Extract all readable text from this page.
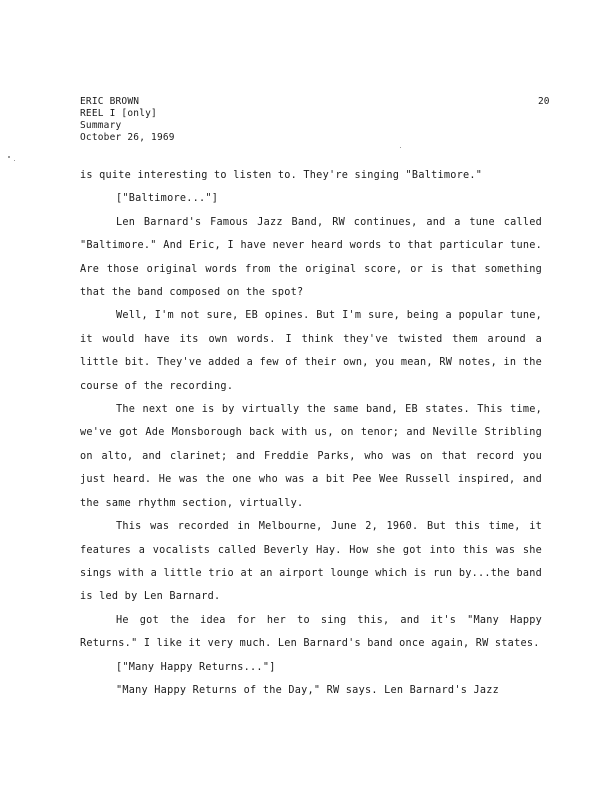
ERIC BROWN
REEL I [only]
Summary
October 26, 1969
20

is quite interesting to listen to. They're singing "Baltimore."

["Baltimore..."]

Len Barnard's Famous Jazz Band, RW continues, and a tune called "Baltimore." And Eric, I have never heard words to that particular tune. Are those original words from the original score, or is that something that the band composed on the spot?

Well, I'm not sure, EB opines. But I'm sure, being a popular tune, it would have its own words. I think they've twisted them around a little bit. They've added a few of their own, you mean, RW notes, in the course of the recording.

The next one is by virtually the same band, EB states. This time, we've got Ade Monsborough back with us, on tenor; and Neville Stribling on alto, and clarinet; and Freddie Parks, who was on that record you just heard. He was the one who was a bit Pee Wee Russell inspired, and the same rhythm section, virtually.

This was recorded in Melbourne, June 2, 1960. But this time, it features a vocalists called Beverly Hay. How she got into this was she sings with a little trio at an airport lounge which is run by...the band is led by Len Barnard.

He got the idea for her to sing this, and it's "Many Happy Returns." I like it very much. Len Barnard's band once again, RW states.

["Many Happy Returns..."]

"Many Happy Returns of the Day," RW says. Len Barnard's Jazz
